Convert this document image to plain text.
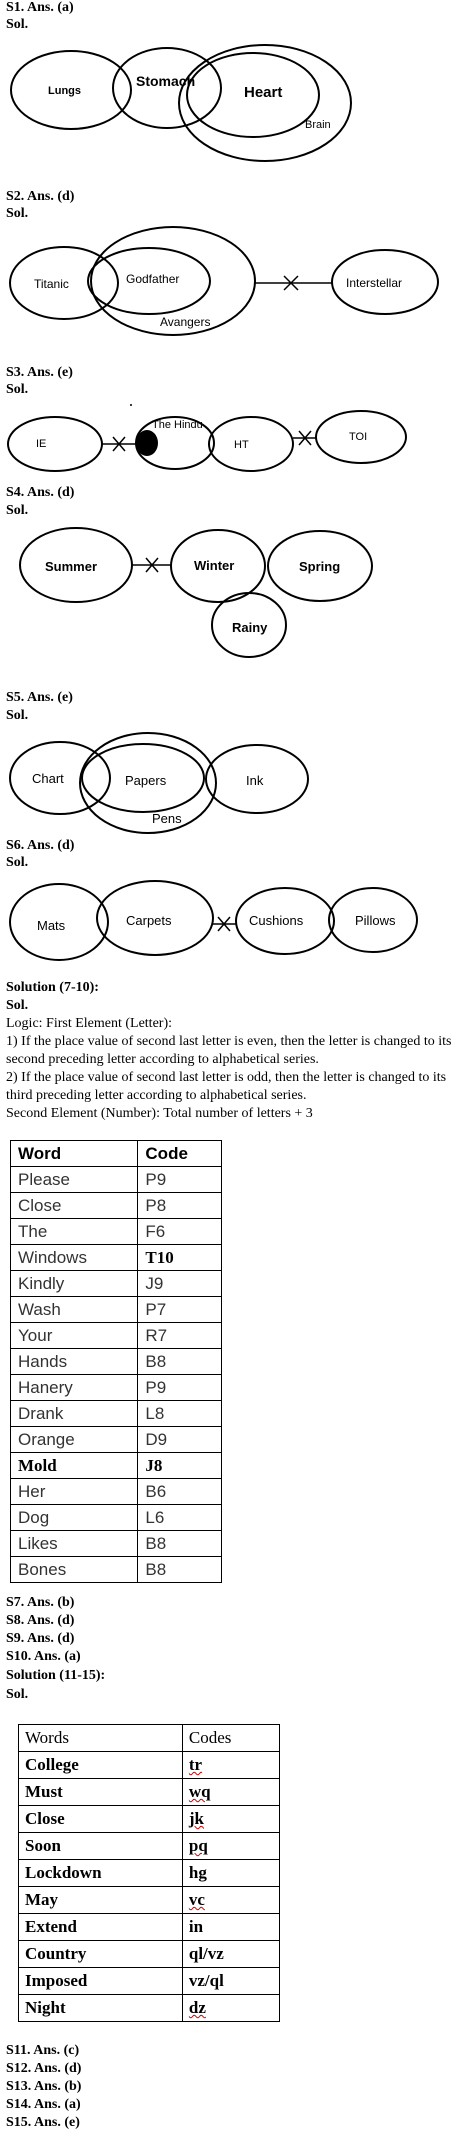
S1. Ans. (a)
Sol.
Lungs
Stomach
Heart
Brain
S2. Ans. (d)
Sol.
Titanic	Godfather
Avangers
Interstellar
S3. Ans. (e)
Sol.
IE
The Hindu
HT
TOI
S4. Ans. (d)
Sol.
Summer	Winter	Spring
Rainy
S5. Ans. (e)
Sol.
Chart	Papers
Pens
Ink
S6. Ans. (d)
Sol.
Mats	Carpets	Cushions	Pillows
Solution (7-10):
Sol.
Logic: First Element (Letter):
1) If the place value of second last letter is even, then the letter is changed to its second preceding letter according to alphabetical series.
2) If the place value of second last letter is odd, then the letter is changed to its third preceding letter according to alphabetical series.
Second Element (Number): Total number of letters + 3
Word	Code
Please	P9
Close	P8
The	F6
Windows	T10
Kindly	J9
Wash	P7
Your	R7
Hands	B8
Hanery	P9
Drank	L8
Orange	D9
Mold	J8
Her	B6
Dog	L6
Likes	B8
Bones	B8
S7. Ans. (b)
S8. Ans. (d)
S9. Ans. (d)
S10. Ans. (a)
Solution (11-15):
Sol.
Words	Codes
College	tr
Must	wq
Close	jk
Soon	pq
Lockdown	hg
May	vc
Extend	in
Country	ql/vz
Imposed	vz/ql
Night	dz
S11. Ans. (c)
S12. Ans. (d)
S13. Ans. (b)
S14. Ans. (a)
S15. Ans. (e)
